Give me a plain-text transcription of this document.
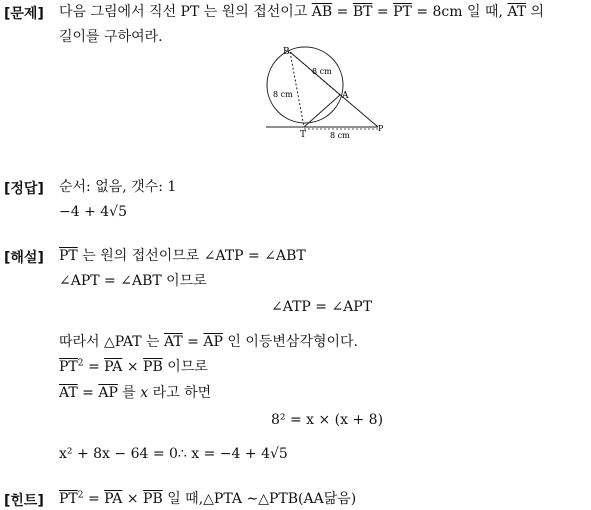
[문제] 다음 그림에서 직선 PT 는 원의 접선이고 $\overline{AB} = \overline{BT} = \overline{PT} = 8cm$ 일 때, $\overline{AT}$ 의
길이를 구하여라.
B
A
T
P
8 cm
8 cm
8 cm
[정답] 순서: 없음, 갯수: 1
−4 + 4√5
[해설] $\overline{PT}$ 는 원의 접선이므로 ∠ATP = ∠ABT
∠APT = ∠ABT 이므로
∠ATP = ∠APT
따라서 △PAT 는 $\overline{AT} = \overline{AP}$ 인 이등변삼각형이다.
$\overline{PT}^2 = \overline{PA} \times \overline{PB}$ 이므로
$\overline{AT} = \overline{AP}$ 를 x 라고 하면
8² = x × (x + 8)
x² + 8x − 64 = 0∴ x = −4 + 4√5
[힌트] $\overline{PT}^2 = \overline{PA} \times \overline{PB}$ 일 때,△PTA ∼△PTB(AA닮음)
